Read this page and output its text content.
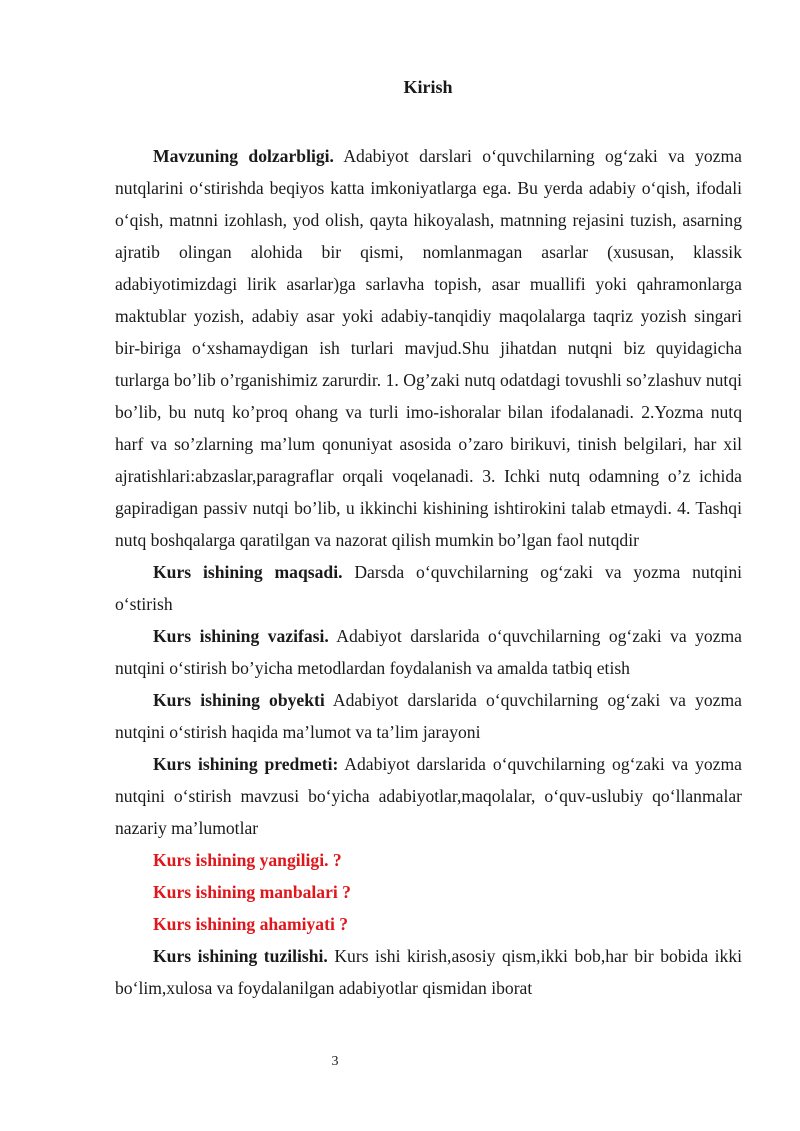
Kirish

Mavzuning dolzarbligi. Adabiyot darslari o‘quvchilarning og‘zaki va yozma nutqlarini o‘stirishda beqiyos katta imkoniyatlarga ega. Bu yerda adabiy o‘qish, ifodali o‘qish, matnni izohlash, yod olish, qayta hikoyalash, matnning rejasini tuzish, asarning ajratib olingan alohida bir qismi, nomlanmagan asarlar (xususan, klassik adabiyotimizdagi lirik asarlar)ga sarlavha topish, asar muallifi yoki qahramonlarga maktublar yozish, adabiy asar yoki adabiy-tanqidiy maqolalarga taqriz yozish singari bir-biriga o‘xshamaydigan ish turlari mavjud.Shu jihatdan nutqni biz quyidagicha turlarga bo’lib o’rganishimiz zarurdir. 1. Og’zaki nutq odatdagi tovushli so’zlashuv nutqi bo’lib, bu nutq ko’proq ohang va turli imo-ishoralar bilan ifodalanadi. 2.Yozma nutq harf va so’zlarning ma’lum qonuniyat asosida o’zaro birikuvi, tinish belgilari, har xil ajratishlari:abzaslar,paragraflar orqali voqelanadi. 3. Ichki nutq odamning o’z ichida gapiradigan passiv nutqi bo’lib, u ikkinchi kishining ishtirokini talab etmaydi. 4. Tashqi nutq boshqalarga qaratilgan va nazorat qilish mumkin bo’lgan faol nutqdir

Kurs ishining maqsadi. Darsda o‘quvchilarning og‘zaki va yozma nutqini o‘stirish

Kurs ishining vazifasi. Adabiyot darslarida o‘quvchilarning og‘zaki va yozma nutqini o‘stirish bo’yicha metodlardan foydalanish va amalda tatbiq etish

Kurs ishining obyekti Adabiyot darslarida o‘quvchilarning og‘zaki va yozma nutqini o‘stirish haqida ma’lumot va ta’lim jarayoni

Kurs ishining predmeti: Adabiyot darslarida o‘quvchilarning og‘zaki va yozma nutqini o‘stirish mavzusi bo‘yicha adabiyotlar,maqolalar, o‘quv-uslubiy qo‘llanmalar nazariy ma’lumotlar

Kurs ishining yangiligi. ?

Kurs ishining manbalari ?

Kurs ishining ahamiyati ?

Kurs ishining tuzilishi. Kurs ishi kirish,asosiy qism,ikki bob,har bir bobida ikki bo‘lim,xulosa va foydalanilgan adabiyotlar qismidan iborat

3
